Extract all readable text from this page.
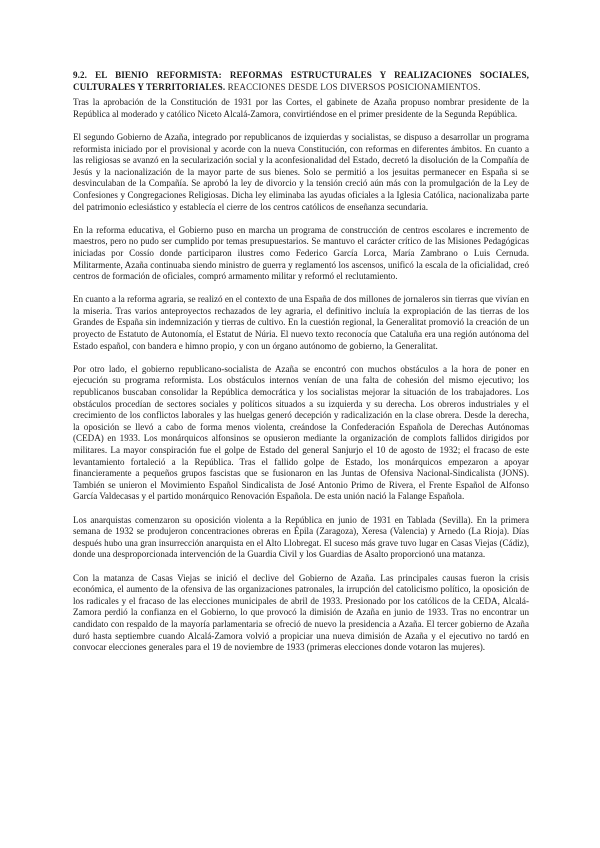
9.2. EL BIENIO REFORMISTA: REFORMAS ESTRUCTURALES Y REALIZACIONES SOCIALES, CULTURALES Y TERRITORIALES. REACCIONES DESDE LOS DIVERSOS POSICIONAMIENTOS.

Tras la aprobación de la Constitución de 1931 por las Cortes, el gabinete de Azaña propuso nombrar presidente de la República al moderado y católico Niceto Alcalá-Zamora, convirtiéndose en el primer presidente de la Segunda República.

El segundo Gobierno de Azaña, integrado por republicanos de izquierdas y socialistas, se dispuso a desarrollar un programa reformista iniciado por el provisional y acorde con la nueva Constitución, con reformas en diferentes ámbitos. En cuanto a las religiosas se avanzó en la secularización social y la aconfesionalidad del Estado, decretó la disolución de la Compañía de Jesús y la nacionalización de la mayor parte de sus bienes. Solo se permitió a los jesuitas permanecer en España si se desvinculaban de la Compañía. Se aprobó la ley de divorcio y la tensión creció aún más con la promulgación de la Ley de Confesiones y Congregaciones Religiosas. Dicha ley eliminaba las ayudas oficiales a la Iglesia Católica, nacionalizaba parte del patrimonio eclesiástico y establecía el cierre de los centros católicos de enseñanza secundaria.

En la reforma educativa, el Gobierno puso en marcha un programa de construcción de centros escolares e incremento de maestros, pero no pudo ser cumplido por temas presupuestarios. Se mantuvo el carácter crítico de las Misiones Pedagógicas iniciadas por Cossío donde participaron ilustres como Federico García Lorca, María Zambrano o Luis Cernuda. Militarmente, Azaña continuaba siendo ministro de guerra y reglamentó los ascensos, unificó la escala de la oficialidad, creó centros de formación de oficiales, compró armamento militar y reformó el reclutamiento.

En cuanto a la reforma agraria, se realizó en el contexto de una España de dos millones de jornaleros sin tierras que vivían en la miseria. Tras varios anteproyectos rechazados de ley agraria, el definitivo incluía la expropiación de las tierras de los Grandes de España sin indemnización y tierras de cultivo. En la cuestión regional, la Generalitat promovió la creación de un proyecto de Estatuto de Autonomía, el Estatut de Núria. El nuevo texto reconocía que Cataluña era una región autónoma del Estado español, con bandera e himno propio, y con un órgano autónomo de gobierno, la Generalitat.

Por otro lado, el gobierno republicano-socialista de Azaña se encontró con muchos obstáculos a la hora de poner en ejecución su programa reformista. Los obstáculos internos venían de una falta de cohesión del mismo ejecutivo; los republicanos buscaban consolidar la República democrática y los socialistas mejorar la situación de los trabajadores. Los obstáculos procedían de sectores sociales y políticos situados a su izquierda y su derecha. Los obreros industriales y el crecimiento de los conflictos laborales y las huelgas generó decepción y radicalización en la clase obrera. Desde la derecha, la oposición se llevó a cabo de forma menos violenta, creándose la Confederación Española de Derechas Autónomas (CEDA) en 1933. Los monárquicos alfonsinos se opusieron mediante la organización de complots fallidos dirigidos por militares. La mayor conspiración fue el golpe de Estado del general Sanjurjo el 10 de agosto de 1932; el fracaso de este levantamiento fortaleció a la República. Tras el fallido golpe de Estado, los monárquicos empezaron a apoyar financieramente a pequeños grupos fascistas que se fusionaron en las Juntas de Ofensiva Nacional-Sindicalista (JONS). También se unieron el Movimiento Español Sindicalista de José Antonio Primo de Rivera, el Frente Español de Alfonso García Valdecasas y el partido monárquico Renovación Española. De esta unión nació la Falange Española.

Los anarquistas comenzaron su oposición violenta a la República en junio de 1931 en Tablada (Sevilla). En la primera semana de 1932 se produjeron concentraciones obreras en Épila (Zaragoza), Xeresa (Valencia) y Arnedo (La Rioja). Días después hubo una gran insurrección anarquista en el Alto Llobregat. El suceso más grave tuvo lugar en Casas Viejas (Cádiz), donde una desproporcionada intervención de la Guardia Civil y los Guardias de Asalto proporcionó una matanza.

Con la matanza de Casas Viejas se inició el declive del Gobierno de Azaña. Las principales causas fueron la crisis económica, el aumento de la ofensiva de las organizaciones patronales, la irrupción del catolicismo político, la oposición de los radicales y el fracaso de las elecciones municipales de abril de 1933. Presionado por los católicos de la CEDA, Alcalá-Zamora perdió la confianza en el Gobierno, lo que provocó la dimisión de Azaña en junio de 1933. Tras no encontrar un candidato con respaldo de la mayoría parlamentaria se ofreció de nuevo la presidencia a Azaña. El tercer gobierno de Azaña duró hasta septiembre cuando Alcalá-Zamora volvió a propiciar una nueva dimisión de Azaña y el ejecutivo no tardó en convocar elecciones generales para el 19 de noviembre de 1933 (primeras elecciones donde votaron las mujeres).
